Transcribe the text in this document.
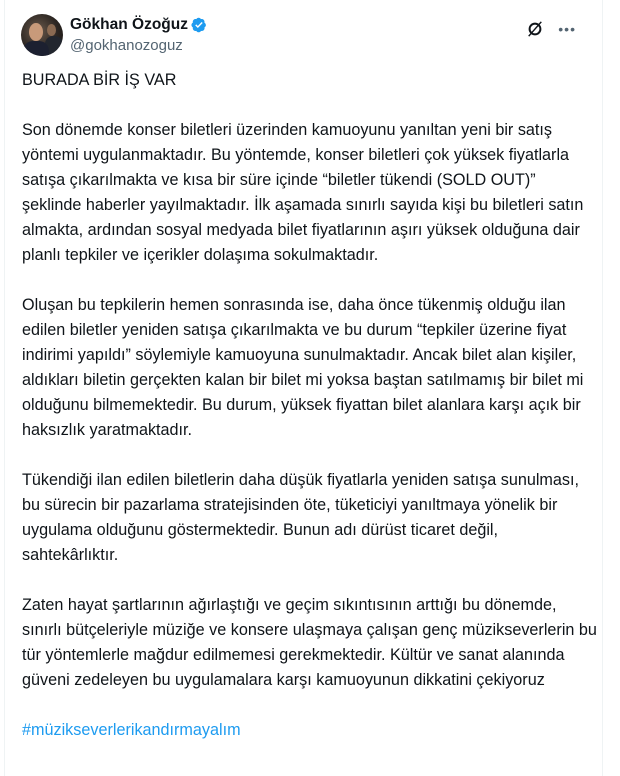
Gökhan Özoğuz
@gokhanozoguz
•••

BURADA BİR İŞ VAR

Son dönemde konser biletleri üzerinden kamuoyunu yanıltan yeni bir satış yöntemi uygulanmaktadır. Bu yöntemde, konser biletleri çok yüksek fiyatlarla satışa çıkarılmakta ve kısa bir süre içinde “biletler tükendi (SOLD OUT)” şeklinde haberler yayılmaktadır. İlk aşamada sınırlı sayıda kişi bu biletleri satın almakta, ardından sosyal medyada bilet fiyatlarının aşırı yüksek olduğuna dair planlı tepkiler ve içerikler dolaşıma sokulmaktadır.

Oluşan bu tepkilerin hemen sonrasında ise, daha önce tükenmiş olduğu ilan edilen biletler yeniden satışa çıkarılmakta ve bu durum “tepkiler üzerine fiyat indirimi yapıldı” söylemiyle kamuoyuna sunulmaktadır. Ancak bilet alan kişiler, aldıkları biletin gerçekten kalan bir bilet mi yoksa baştan satılmamış bir bilet mi olduğunu bilmemektedir. Bu durum, yüksek fiyattan bilet alanlara karşı açık bir haksızlık yaratmaktadır.

Tükendiği ilan edilen biletlerin daha düşük fiyatlarla yeniden satışa sunulması, bu sürecin bir pazarlama stratejisinden öte, tüketiciyi yanıltmaya yönelik bir uygulama olduğunu göstermektedir. Bunun adı dürüst ticaret değil, sahtekârlıktır.

Zaten hayat şartlarının ağırlaştığı ve geçim sıkıntısının arttığı bu dönemde, sınırlı bütçeleriyle müziğe ve konsere ulaşmaya çalışan genç müzikseverlerin bu tür yöntemlerle mağdur edilmemesi gerekmektedir. Kültür ve sanat alanında güveni zedeleyen bu uygulamalara karşı kamuoyunun dikkatini çekiyoruz

#müzikseverlerikandırmayalım
